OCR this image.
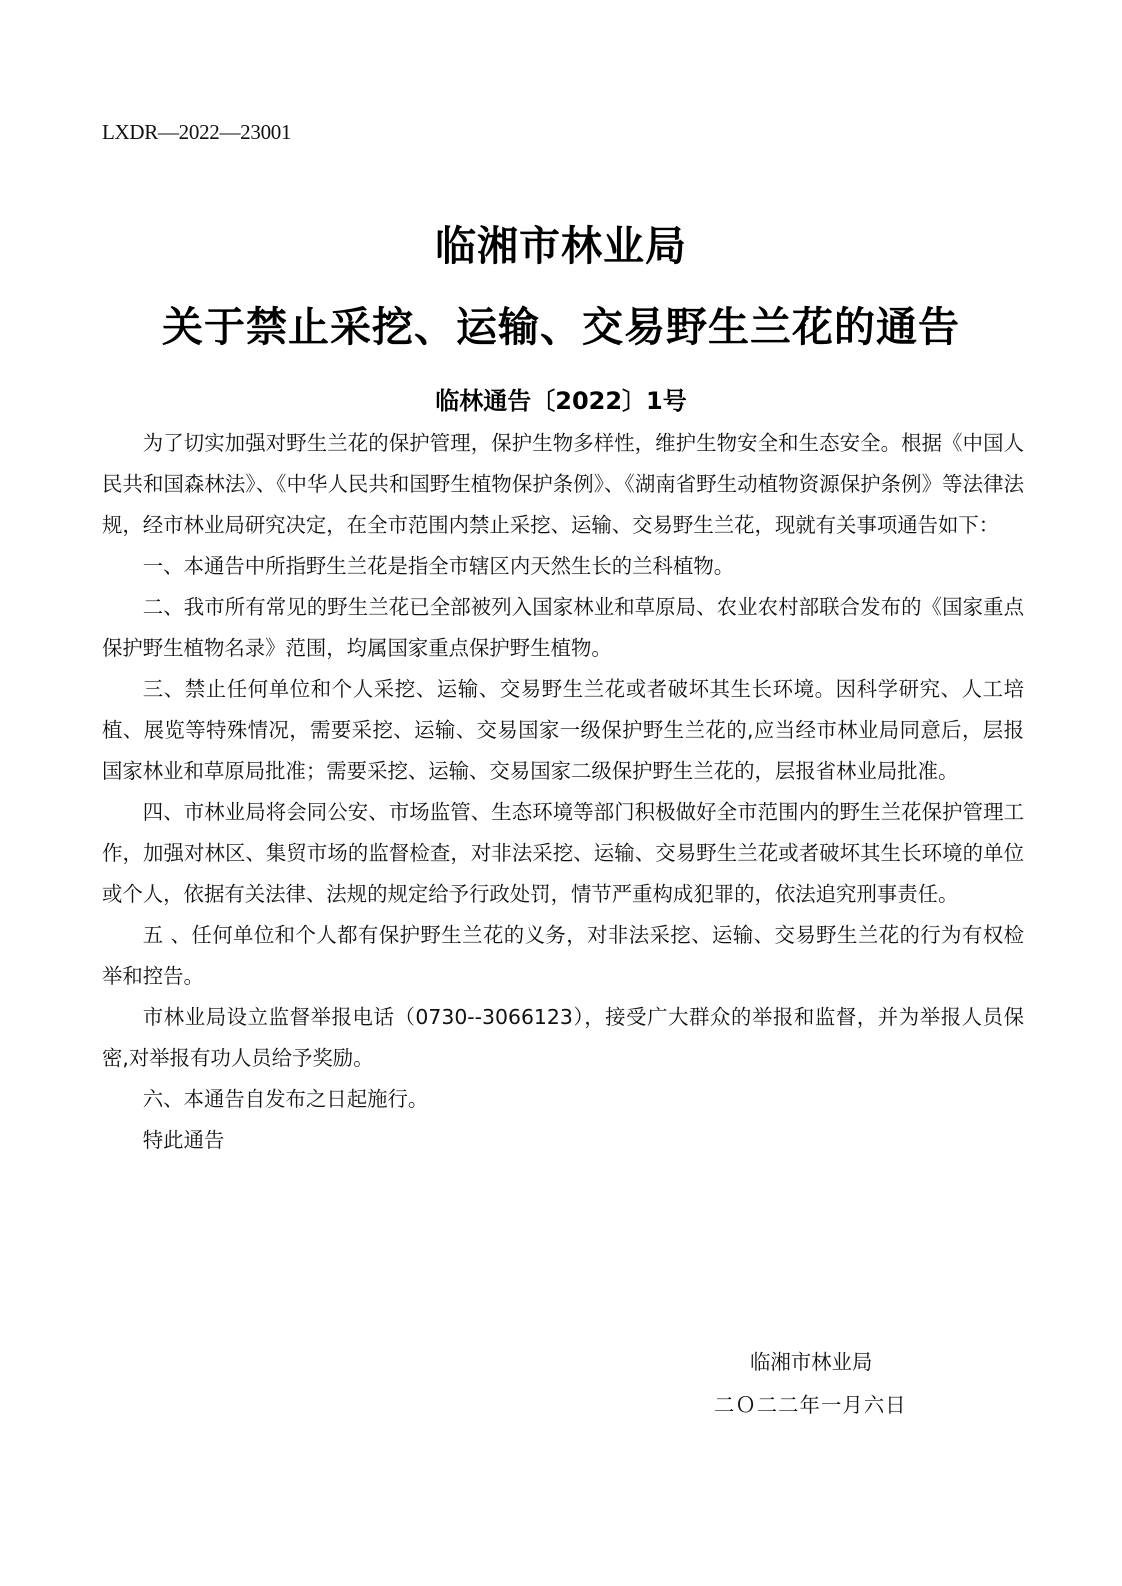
LXDR—2022—23001
临湘市林业局
关于禁止采挖、运输、交易野生兰花的通告
临林通告〔2022〕1号

为了切实加强对野生兰花的保护管理，保护生物多样性，维护生物安全和生态安全。根据《中国人民共和国森林法》、《中华人民共和国野生植物保护条例》、《湖南省野生动植物资源保护条例》等法律法规，经市林业局研究决定，在全市范围内禁止采挖、运输、交易野生兰花，现就有关事项通告如下：

一、本通告中所指野生兰花是指全市辖区内天然生长的兰科植物。

二、我市所有常见的野生兰花已全部被列入国家林业和草原局、农业农村部联合发布的《国家重点保护野生植物名录》范围，均属国家重点保护野生植物。

三、禁止任何单位和个人采挖、运输、交易野生兰花或者破坏其生长环境。因科学研究、人工培植、展览等特殊情况，需要采挖、运输、交易国家一级保护野生兰花的,应当经市林业局同意后，层报国家林业和草原局批准；需要采挖、运输、交易国家二级保护野生兰花的，层报省林业局批准。

四、市林业局将会同公安、市场监管、生态环境等部门积极做好全市范围内的野生兰花保护管理工作，加强对林区、集贸市场的监督检查，对非法采挖、运输、交易野生兰花或者破坏其生长环境的单位或个人，依据有关法律、法规的规定给予行政处罚，情节严重构成犯罪的，依法追究刑事责任。

五 、任何单位和个人都有保护野生兰花的义务，对非法采挖、运输、交易野生兰花的行为有权检举和控告。

市林业局设立监督举报电话（0730--3066123），接受广大群众的举报和监督，并为举报人员保密,对举报有功人员给予奖励。

六、本通告自发布之日起施行。

特此通告

临湘市林业局
二Ｏ二二年一月六日
